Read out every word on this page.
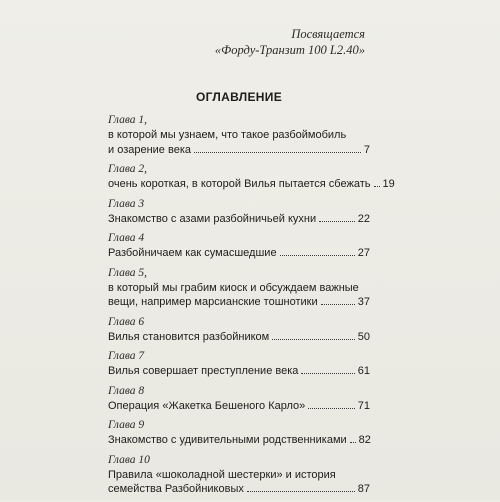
Посвящается
«Форду-Транзит 100 L2.40»
ОГЛАВЛЕНИЕ
Глава 1,
в которой мы узнаем, что такое разбоймобиль
и озарение века	7
Глава 2,
очень короткая, в которой Вилья пытается сбежать 19
Глава 3
Знакомство с азами разбойничьей кухни	22
Глава 4
Разбойничаем как сумасшедшие	27
Глава 5,
в который мы грабим киоск и обсуждаем важные
вещи, например марсианские тошнотики	37
Глава 6
Вилья становится разбойником	50
Глава 7
Вилья совершает преступление века	61
Глава 8
Операция «Жакетка Бешеного Карло»	71
Глава 9
Знакомство с удивительными родственниками 82
Глава 10
Правила «шоколадной шестерки» и история
семейства Разбойниковых	87
